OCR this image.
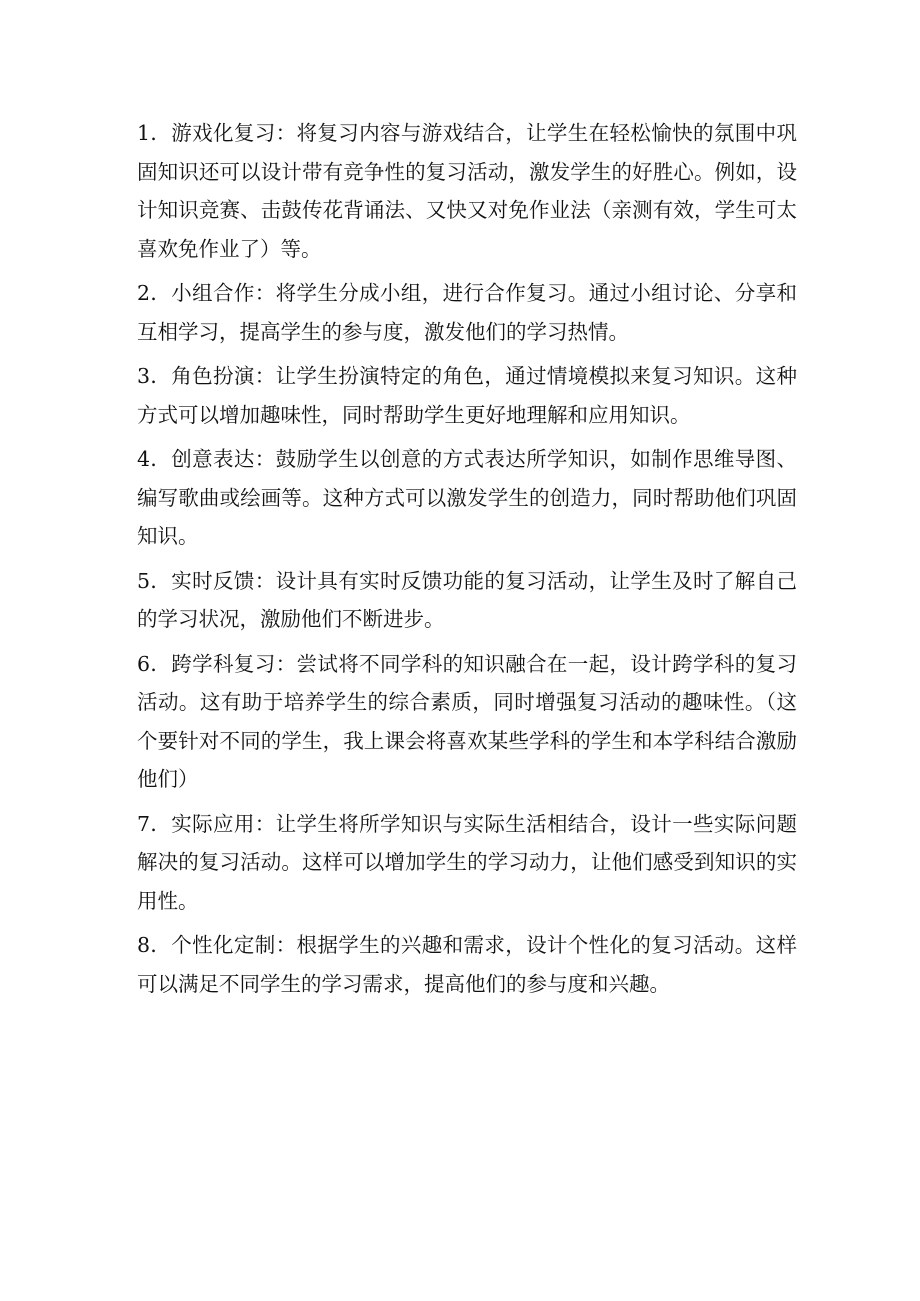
1．游戏化复习：将复习内容与游戏结合，让学生在轻松愉快的氛围中巩固知识还可以设计带有竞争性的复习活动，激发学生的好胜心。例如，设计知识竞赛、击鼓传花背诵法、又快又对免作业法（亲测有效，学生可太喜欢免作业了）等。

2．小组合作：将学生分成小组，进行合作复习。通过小组讨论、分享和互相学习，提高学生的参与度，激发他们的学习热情。

3．角色扮演：让学生扮演特定的角色，通过情境模拟来复习知识。这种方式可以增加趣味性，同时帮助学生更好地理解和应用知识。

4．创意表达：鼓励学生以创意的方式表达所学知识，如制作思维导图、编写歌曲或绘画等。这种方式可以激发学生的创造力，同时帮助他们巩固知识。

5．实时反馈：设计具有实时反馈功能的复习活动，让学生及时了解自己的学习状况，激励他们不断进步。

6．跨学科复习：尝试将不同学科的知识融合在一起，设计跨学科的复习活动。这有助于培养学生的综合素质，同时增强复习活动的趣味性。（这个要针对不同的学生，我上课会将喜欢某些学科的学生和本学科结合激励他们）

7．实际应用：让学生将所学知识与实际生活相结合，设计一些实际问题解决的复习活动。这样可以增加学生的学习动力，让他们感受到知识的实用性。

8．个性化定制：根据学生的兴趣和需求，设计个性化的复习活动。这样可以满足不同学生的学习需求，提高他们的参与度和兴趣。
